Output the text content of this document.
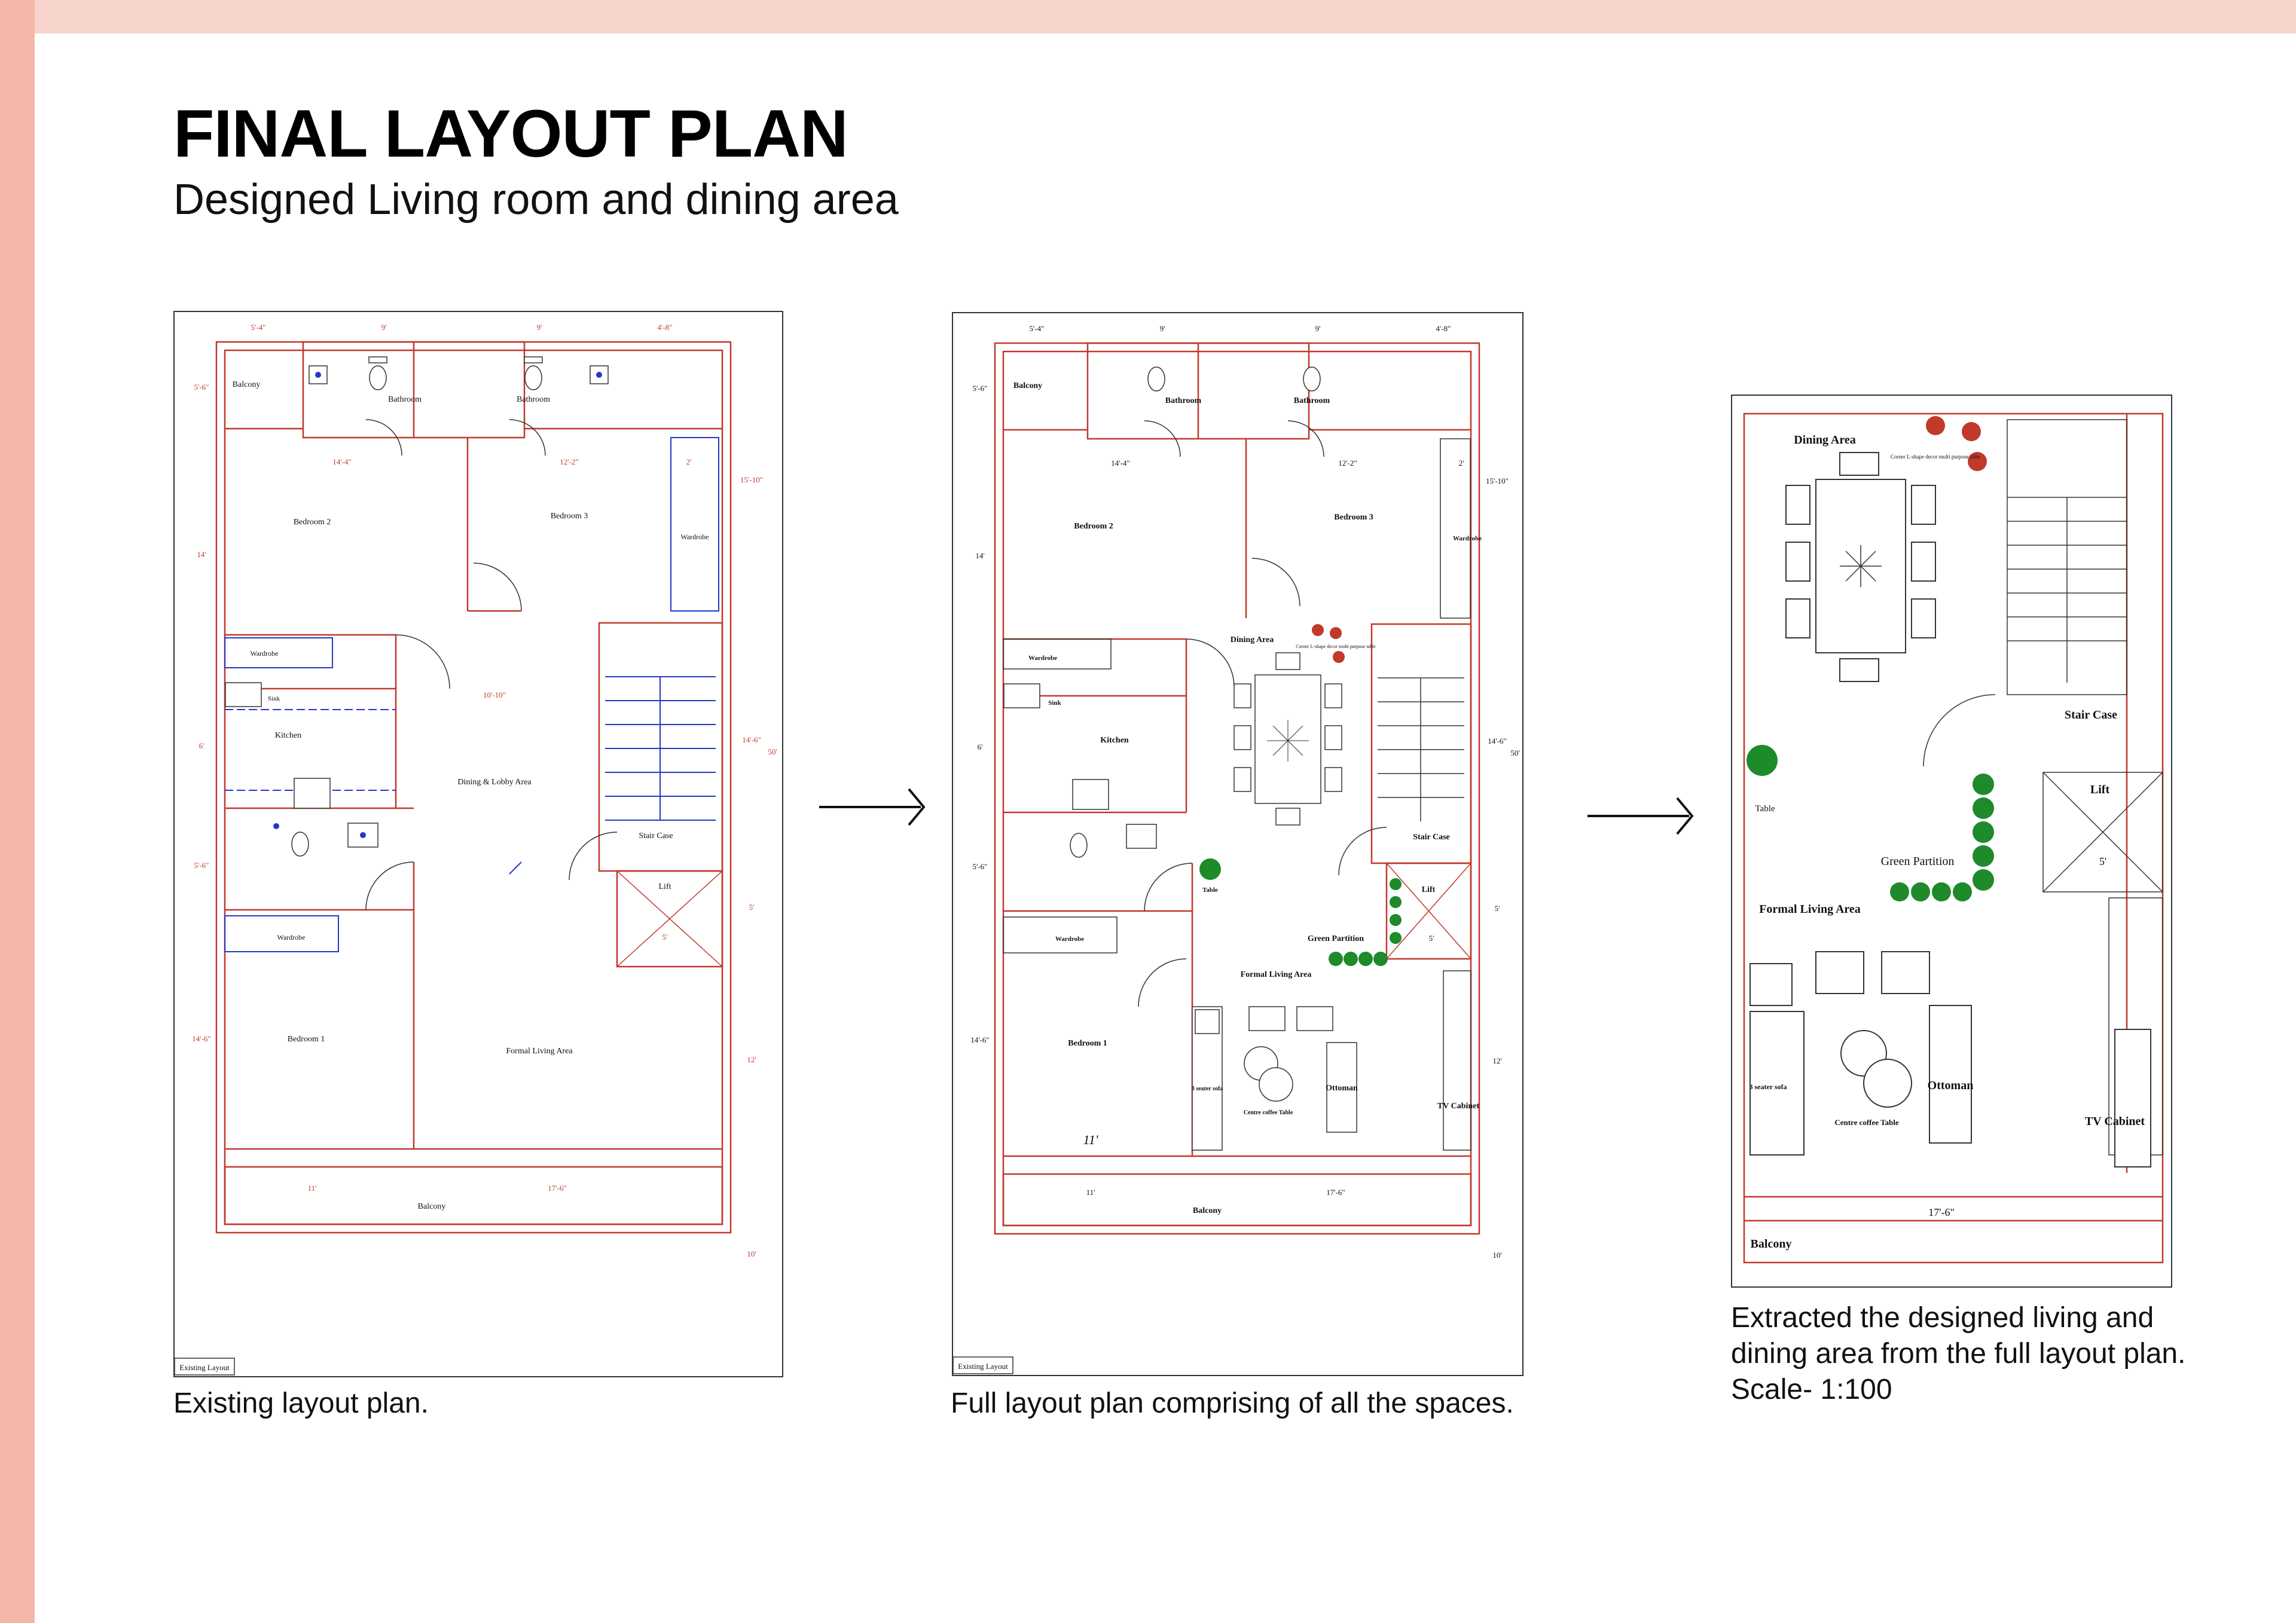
FINAL LAYOUT PLAN

Designed Living room and dining area

Balcony
Bathroom	Bathroom
Bedroom 2
Bedroom 3
Wardrobe
Wardrobe
Kitchen
Sink
Dining & Lobby Area
Stair Case
Lift
Wardrobe
Bedroom 1
Formal Living Area
Balcony
5'-4"	9'	9'	4'-8"
14'-4"	12'-2"	2'
10'-10"
11'	17'-6"
5'
5'-6"
14'
6'
5'-6"
14'-6"
15'-10"
14'-6"
5'
12'
10'
50'
Existing Layout

Existing layout plan.

Balcony
Bathroom	Bathroom
Bedroom 2
Bedroom 3
Wardrobe
Wardrobe
Kitchen
Sink
Dining Area
Corner L-shape decor multi purpose table
Stair Case
Lift
Table
Green Partition
Wardrobe
Formal Living Area
Bedroom 1
3 seater sofa
Centre coffee Table
Ottoman
TV Cabinet
Balcony
5'-4"	9'	9'	4'-8"
14'-4"	12'-2"	2'
11'	17'-6"
5'
11'
5'-6"
14'
6'
5'-6"
14'-6"
15'-10"
14'-6"
5'
12'
10'
50'
Existing Layout

Full layout plan comprising of all the spaces.

Dining Area
Corner L-shape decor multi purpose table
Stair Case
Lift
Table
Green Partition
Formal Living Area
3 seater sofa
Centre coffee Table
Ottoman
TV Cabinet
Balcony
5'
17'-6"
Extracted the designed living and
dining area from the full layout plan.
Scale- 1:100
